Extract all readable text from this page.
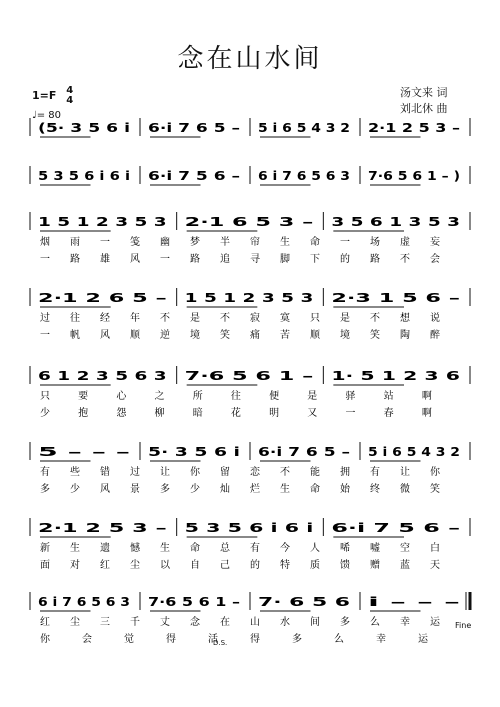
念在山水间
汤文来 词
刘北休 曲
1=F 4
4
♩= 80
Fine
D.S.
(5· 3 5 6 i 6·i 7 6 5 – 5 i 6 5 4 3 2 2·1 2 5 3 –
5 3 5 6 i 6 i 6·i 7 5 6 – 6 i 7 6 5 6 3 7·6 5 6 1 – )
1 5 1 2 3 5 3 2·1 6 5 3 – 3 5 6 1 3 5 3
烟 雨 一 笺 幽 梦 半 帘 生 命 一 场 虚 妄
一 路 雄 风 一 路 追 寻 脚 下 的 路 不 会
2·1 2 6 5 – 1 5 1 2 3 5 3 2·3 1 5 6 –
过 往 经 年 不 是 不 寂 寞 只 是 不 想 说
一 帆 风 顺 逆 境 笑 痛 苦 顺 境 笑 陶 醉
6 1 2 3 5 6 3 7·6 5 6 1 – 1· 5 1 2 3 6
只	要	心	之	所	往	便	是	驿	站	啊
少	抱	怨	柳	暗	花	明	又	一	春	啊
5 – – – 5· 3 5 6 i 6·i 7 6 5 – 5 i 6 5 4 3 2
有 些 错 过 让 你 留 恋 不 能 拥 有 让 你
多 少 风 景 多 少 灿 烂 生 命 始 终 微 笑
2·1 2 5 3 – 5 3 5 6 i 6 i 6·i 7 5 6 –
新 生 遗 憾 生 命 总 有 今 人 唏 嘘 空 白
面 对 红 尘 以 自 己 的 特 质 馈 赠 蓝 天
6 i 7 6 5 6 3 7·6 5 6 1 – 7· 6 5 6 i – – –
红 尘 三 千 丈 念 在 山 水 间 多 么 幸 运
你	会	觉	得	活	得	多	么	幸	运
